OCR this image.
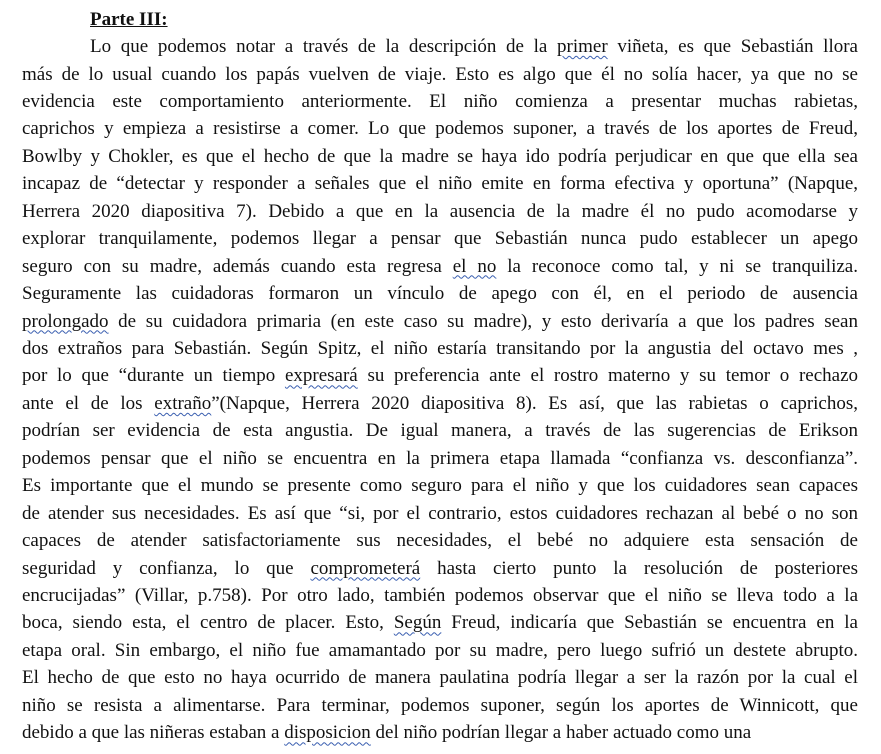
Parte III:
Lo que podemos notar a través de la descripción de la primer viñeta, es que Sebastián llora
más de lo usual cuando los papás vuelven de viaje. Esto es algo que él no solía hacer, ya que no se
evidencia este comportamiento anteriormente. El niño comienza a presentar muchas rabietas,
caprichos y empieza a resistirse a comer. Lo que podemos suponer, a través de los aportes de Freud,
Bowlby y Chokler, es que el hecho de que la madre se haya ido podría perjudicar en que que ella sea
incapaz de “detectar y responder a señales que el niño emite en forma efectiva y oportuna” (Napque,
Herrera 2020 diapositiva 7). Debido a que en la ausencia de la madre él no pudo acomodarse y
explorar tranquilamente, podemos llegar a pensar que Sebastián nunca pudo establecer un apego
seguro con su madre, además cuando esta regresa el no la reconoce como tal, y ni se tranquiliza.
Seguramente las cuidadoras formaron un vínculo de apego con él, en el periodo de ausencia
prolongado de su cuidadora primaria (en este caso su madre), y esto derivaría a que los padres sean
dos extraños para Sebastián. Según Spitz, el niño estaría transitando por la angustia del octavo mes ,
por lo que “durante un tiempo expresará su preferencia ante el rostro materno y su temor o rechazo
ante el de los extraño”(Napque, Herrera 2020 diapositiva 8). Es así, que las rabietas o caprichos,
podrían ser evidencia de esta angustia. De igual manera, a través de las sugerencias de Erikson
podemos pensar que el niño se encuentra en la primera etapa llamada “confianza vs. desconfianza”.
Es importante que el mundo se presente como seguro para el niño y que los cuidadores sean capaces
de atender sus necesidades. Es así que “si, por el contrario, estos cuidadores rechazan al bebé o no son
capaces de atender satisfactoriamente sus necesidades, el bebé no adquiere esta sensación de
seguridad y confianza, lo que comprometerá hasta cierto punto la resolución de posteriores
encrucijadas” (Villar, p.758). Por otro lado, también podemos observar que el niño se lleva todo a la
boca, siendo esta, el centro de placer. Esto, Según Freud, indicaría que Sebastián se encuentra en la
etapa oral. Sin embargo, el niño fue amamantado por su madre, pero luego sufrió un destete abrupto.
El hecho de que esto no haya ocurrido de manera paulatina podría llegar a ser la razón por la cual el
niño se resista a alimentarse. Para terminar, podemos suponer, según los aportes de Winnicott, que
debido a que las niñeras estaban a disposicion del niño podrían llegar a haber actuado como una
